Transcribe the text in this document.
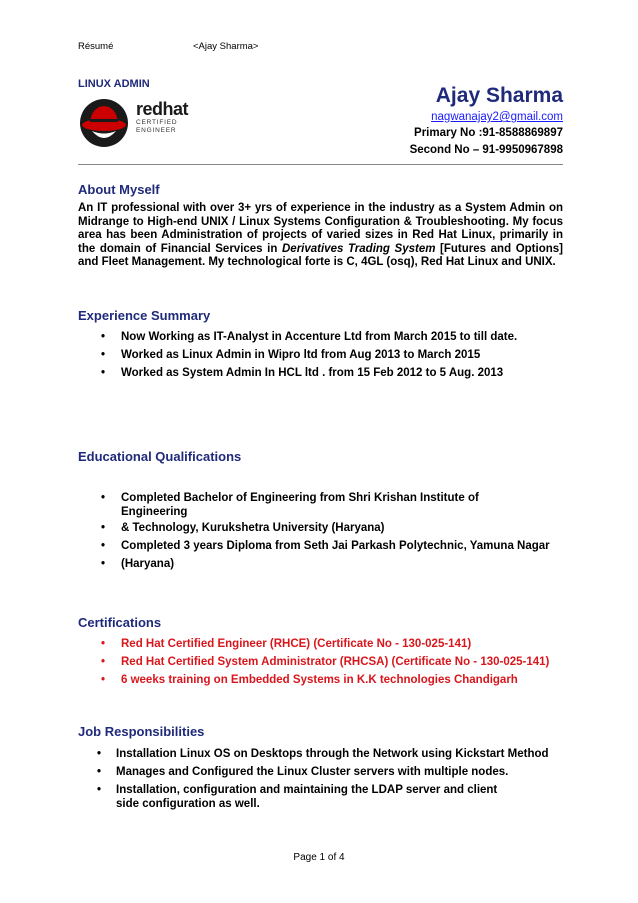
Résumé	<Ajay Sharma>
LINUX ADMIN
redhat
CERTIFIED
ENGINEER
Ajay Sharma
nagwanajay2@gmail.com
Primary No :91-8588869897
Second No – 91-9950967898
About Myself
An IT professional with over 3+ yrs of experience in the industry as a System Admin on Midrange to High-end UNIX / Linux Systems Configuration & Troubleshooting. My focus area has been Administration of projects of varied sizes in Red Hat Linux, primarily in the domain of Financial Services in Derivatives Trading System [Futures and Options] and Fleet Management. My technological forte is C, 4GL (osq), Red Hat Linux and UNIX.
Experience Summary
• Now Working as IT-Analyst in Accenture Ltd from March 2015 to till date.
• Worked as Linux Admin in Wipro ltd from Aug 2013 to March 2015
• Worked as System Admin In HCL ltd . from 15 Feb 2012 to 5 Aug. 2013
Educational Qualifications
• Completed Bachelor of Engineering from Shri Krishan Institute of Engineering
• & Technology, Kurukshetra University (Haryana)
• Completed 3 years Diploma from Seth Jai Parkash Polytechnic, Yamuna Nagar
• (Haryana)
Certifications
• Red Hat Certified Engineer (RHCE) (Certificate No - 130-025-141)
• Red Hat Certified System Administrator (RHCSA) (Certificate No - 130-025-141)
• 6 weeks training on Embedded Systems in K.K technologies Chandigarh
Job Responsibilities
• Installation Linux OS on Desktops through the Network using Kickstart Method
• Manages and Configured the Linux Cluster servers with multiple nodes.
• Installation, configuration and maintaining the LDAP server and client side configuration as well.
Page 1 of 4
